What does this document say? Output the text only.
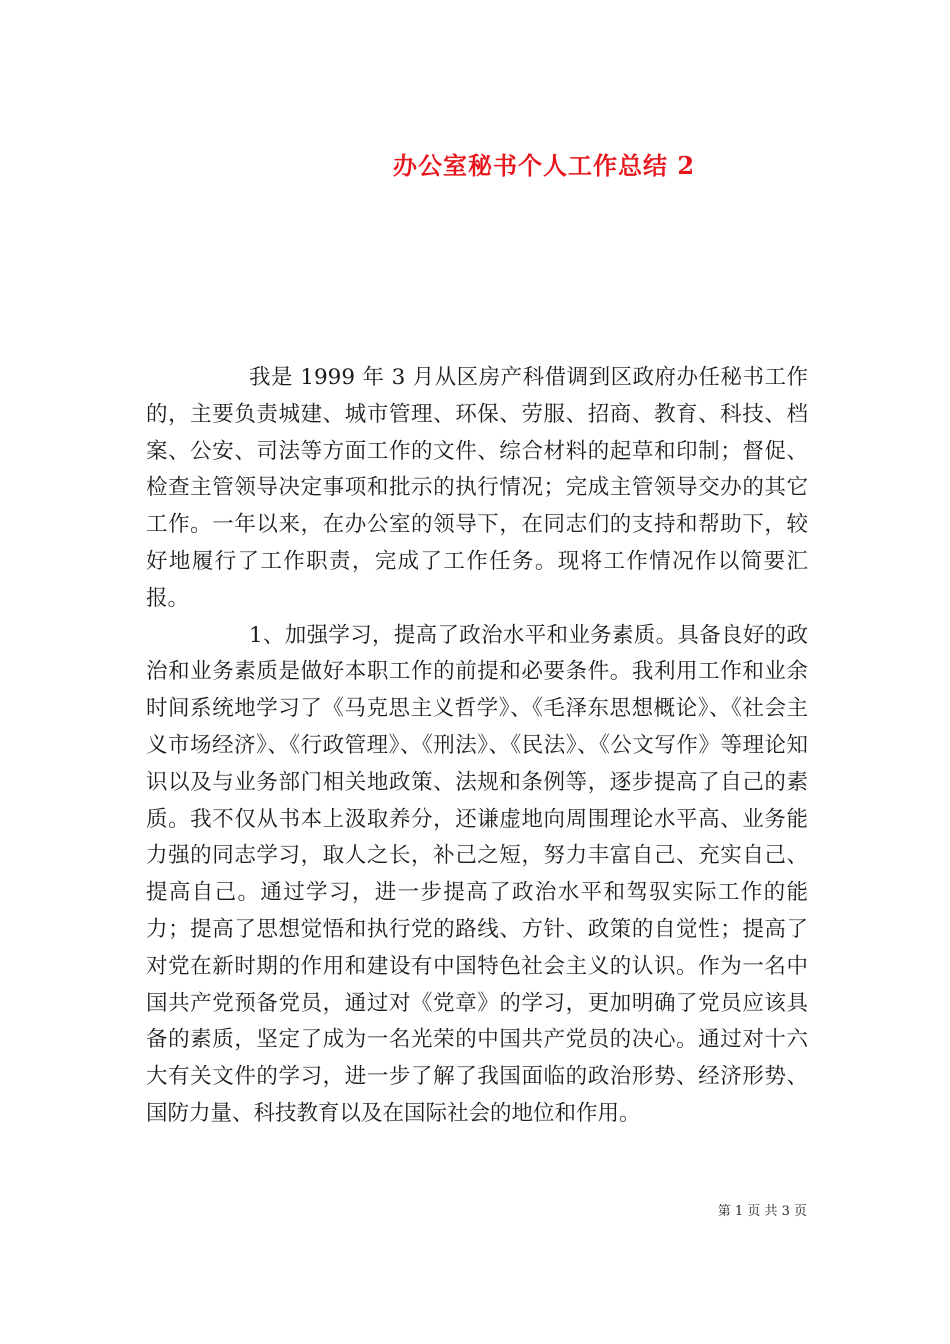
办公室秘书个人工作总结 2

我是 1999 年 3 月从区房产科借调到区政府办任秘书工作的，主要负责城建、城市管理、环保、劳服、招商、教育、科技、档案、公安、司法等方面工作的文件、综合材料的起草和印制；督促、检查主管领导决定事项和批示的执行情况；完成主管领导交办的其它工作。一年以来，在办公室的领导下，在同志们的支持和帮助下，较好地履行了工作职责，完成了工作任务。现将工作情况作以简要汇报。

1、加强学习，提高了政治水平和业务素质。具备良好的政治和业务素质是做好本职工作的前提和必要条件。我利用工作和业余时间系统地学习了《马克思主义哲学》、《毛泽东思想概论》、《社会主义市场经济》、《行政管理》、《刑法》、《民法》、《公文写作》等理论知识以及与业务部门相关地政策、法规和条例等，逐步提高了自己的素质。我不仅从书本上汲取养分，还谦虚地向周围理论水平高、业务能力强的同志学习，取人之长，补己之短，努力丰富自己、充实自己、提高自己。通过学习，进一步提高了政治水平和驾驭实际工作的能力；提高了思想觉悟和执行党的路线、方针、政策的自觉性；提高了对党在新时期的作用和建设有中国特色社会主义的认识。作为一名中国共产党预备党员，通过对《党章》的学习，更加明确了党员应该具备的素质，坚定了成为一名光荣的中国共产党员的决心。通过对十六大有关文件的学习，进一步了解了我国面临的政治形势、经济形势、国防力量、科技教育以及在国际社会的地位和作用。

第 1 页 共 3 页
